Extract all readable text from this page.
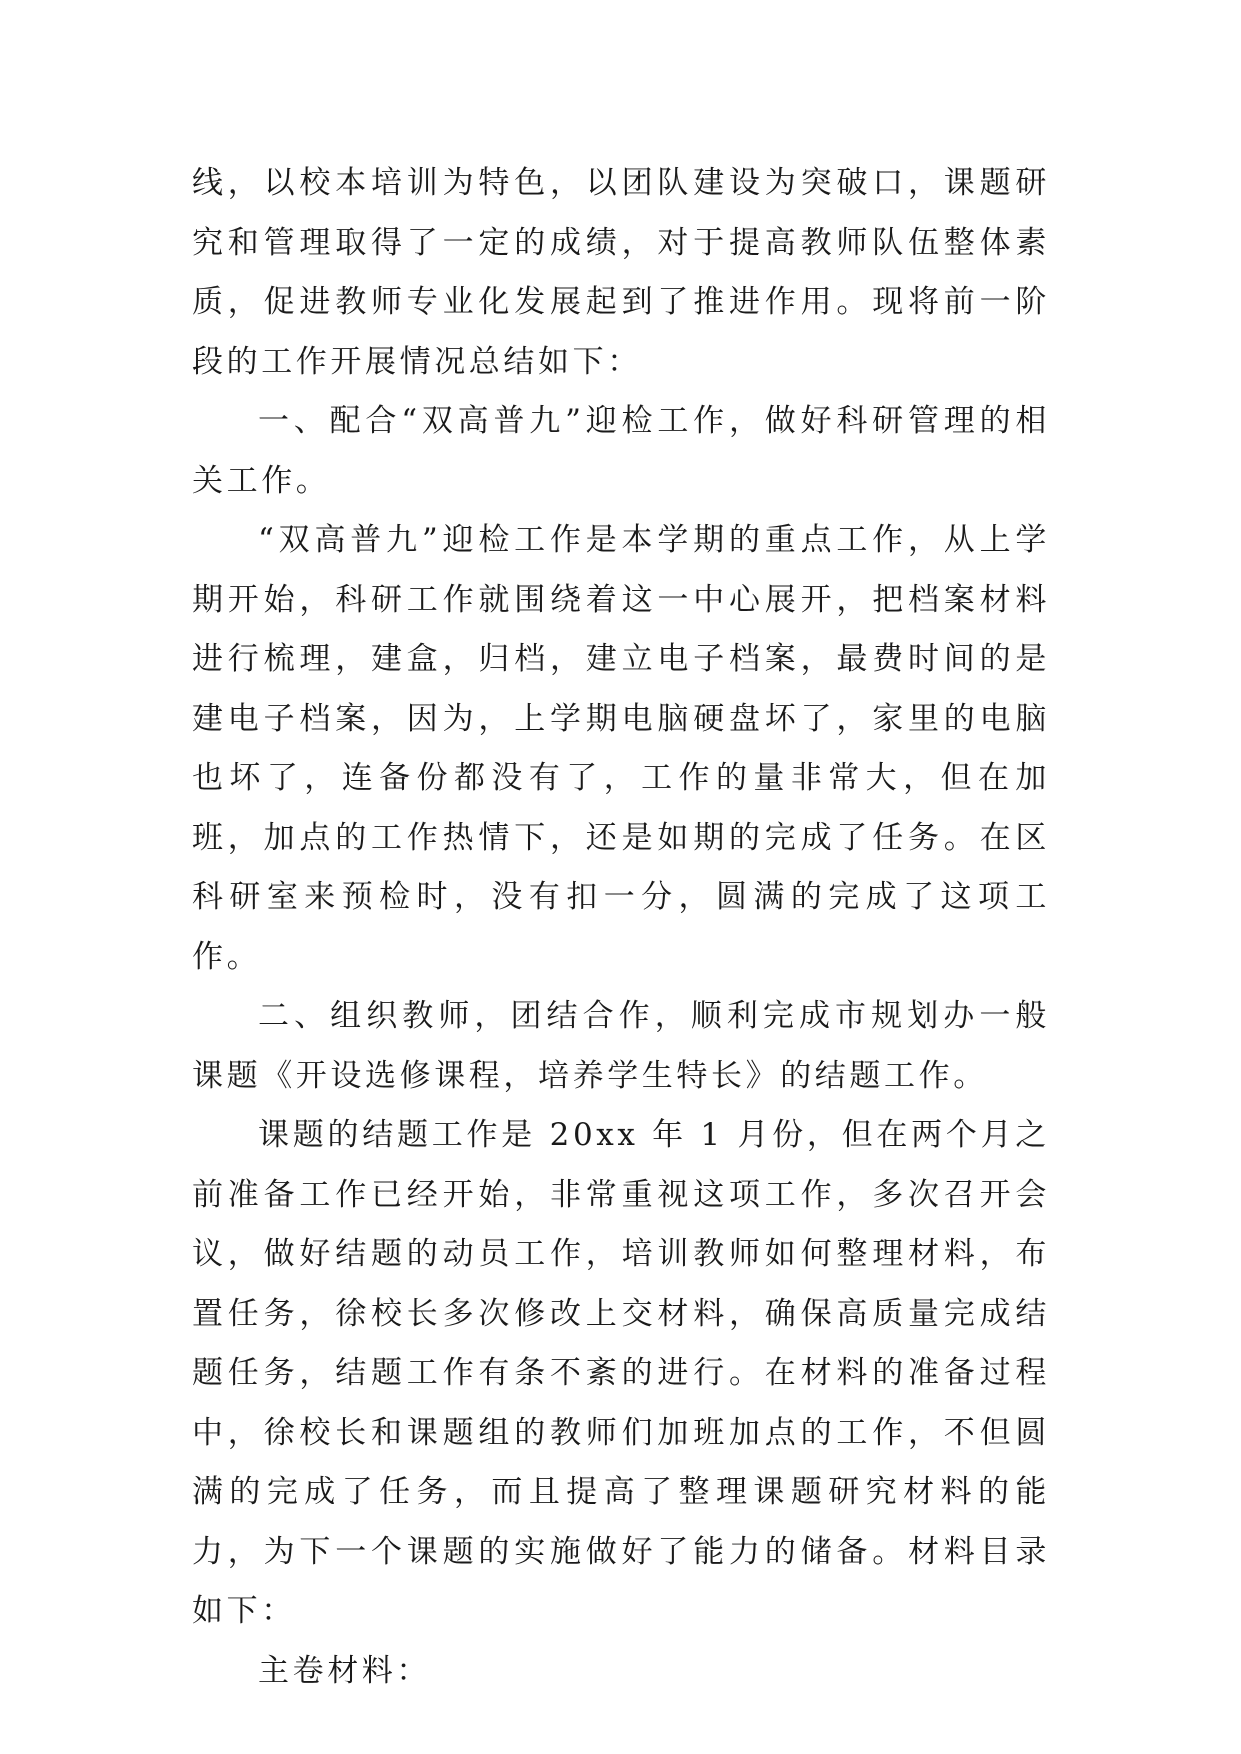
线，以校本培训为特色，以团队建设为突破口，课题研究和管理取得了一定的成绩，对于提高教师队伍整体素质，促进教师专业化发展起到了推进作用。现将前一阶段的工作开展情况总结如下：

一、配合“双高普九”迎检工作，做好科研管理的相关工作。

“双高普九”迎检工作是本学期的重点工作，从上学期开始，科研工作就围绕着这一中心展开，把档案材料进行梳理，建盒，归档，建立电子档案，最费时间的是建电子档案，因为，上学期电脑硬盘坏了，家里的电脑也坏了，连备份都没有了，工作的量非常大，但在加班，加点的工作热情下，还是如期的完成了任务。在区科研室来预检时，没有扣一分，圆满的完成了这项工作。

二、组织教师，团结合作，顺利完成市规划办一般课题《开设选修课程，培养学生特长》的结题工作。

课题的结题工作是 20xx 年 1 月份，但在两个月之前准备工作已经开始，非常重视这项工作，多次召开会议，做好结题的动员工作，培训教师如何整理材料，布置任务，徐校长多次修改上交材料，确保高质量完成结题任务，结题工作有条不紊的进行。在材料的准备过程中，徐校长和课题组的教师们加班加点的工作，不但圆满的完成了任务，而且提高了整理课题研究材料的能力，为下一个课题的实施做好了能力的储备。材料目录如下：

主卷材料：
